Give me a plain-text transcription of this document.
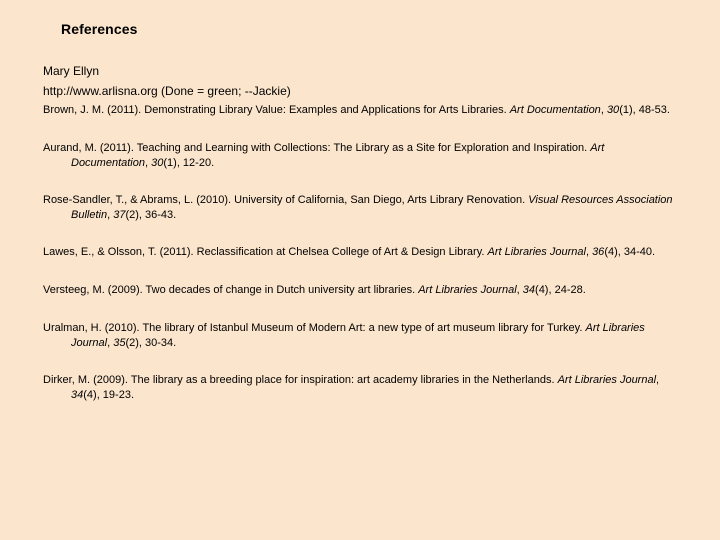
References
Mary Ellyn
http://www.arlisna.org (Done = green; --Jackie)
Brown, J. M. (2011). Demonstrating Library Value: Examples and Applications for Arts Libraries. Art Documentation, 30(1), 48-53.
Aurand, M. (2011). Teaching and Learning with Collections: The Library as a Site for Exploration and Inspiration. Art Documentation, 30(1), 12-20.
Rose-Sandler, T., & Abrams, L. (2010). University of California, San Diego, Arts Library Renovation. Visual Resources Association Bulletin, 37(2), 36-43.
Lawes, E., & Olsson, T. (2011). Reclassification at Chelsea College of Art & Design Library. Art Libraries Journal, 36(4), 34-40.
Versteeg, M. (2009). Two decades of change in Dutch university art libraries. Art Libraries Journal, 34(4), 24-28.
Uralman, H. (2010). The library of Istanbul Museum of Modern Art: a new type of art museum library for Turkey. Art Libraries Journal, 35(2), 30-34.
Dirker, M. (2009). The library as a breeding place for inspiration: art academy libraries in the Netherlands. Art Libraries Journal, 34(4), 19-23.
